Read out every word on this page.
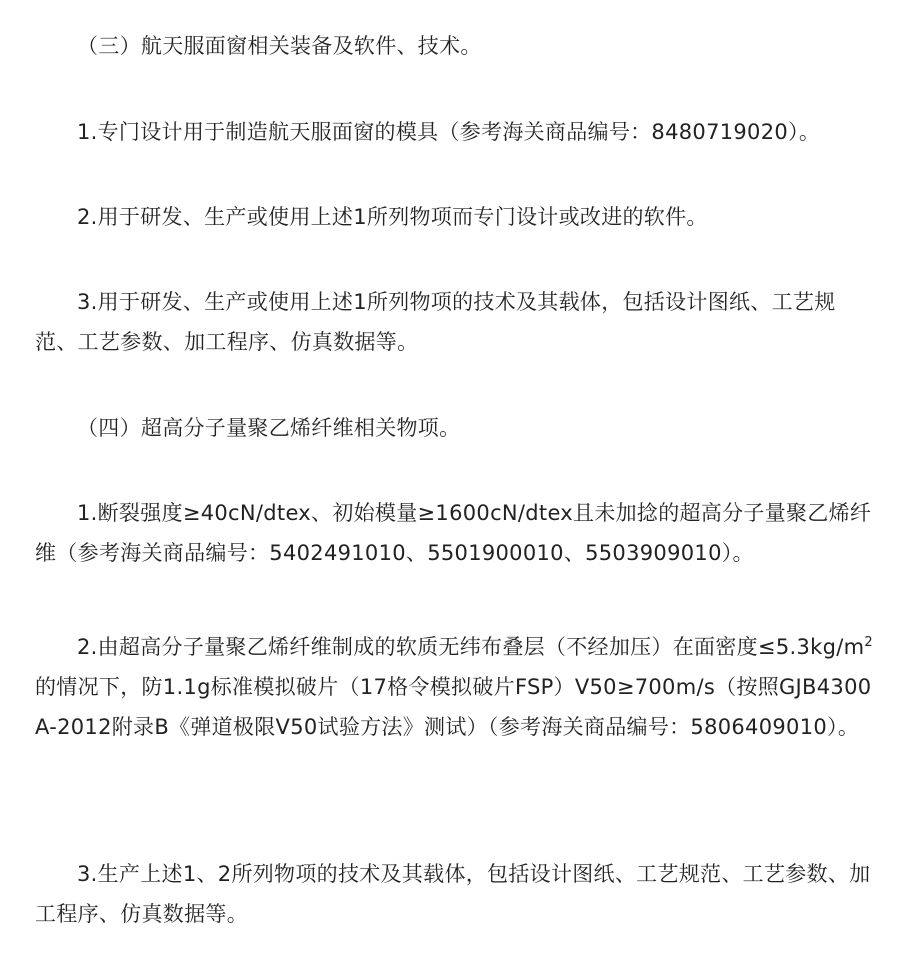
（三）航天服面窗相关装备及软件、技术。

1.专门设计用于制造航天服面窗的模具（参考海关商品编号：8480719020）。

2.用于研发、生产或使用上述1所列物项而专门设计或改进的软件。

3.用于研发、生产或使用上述1所列物项的技术及其载体，包括设计图纸、工艺规范、工艺参数、加工程序、仿真数据等。

（四）超高分子量聚乙烯纤维相关物项。

1.断裂强度≥40cN/dtex、初始模量≥1600cN/dtex且未加捻的超高分子量聚乙烯纤维（参考海关商品编号：5402491010、5501900010、5503909010）。

2.由超高分子量聚乙烯纤维制成的软质无纬布叠层（不经加压）在面密度$\le 5.3kg/m^2$的情况下，防1.1g标准模拟破片（17格令模拟破片FSP）V50≥700m/s（按照GJB4300A-2012附录B《弹道极限V50试验方法》测试）（参考海关商品编号：5806409010）。

3.生产上述1、2所列物项的技术及其载体，包括设计图纸、工艺规范、工艺参数、加工程序、仿真数据等。
